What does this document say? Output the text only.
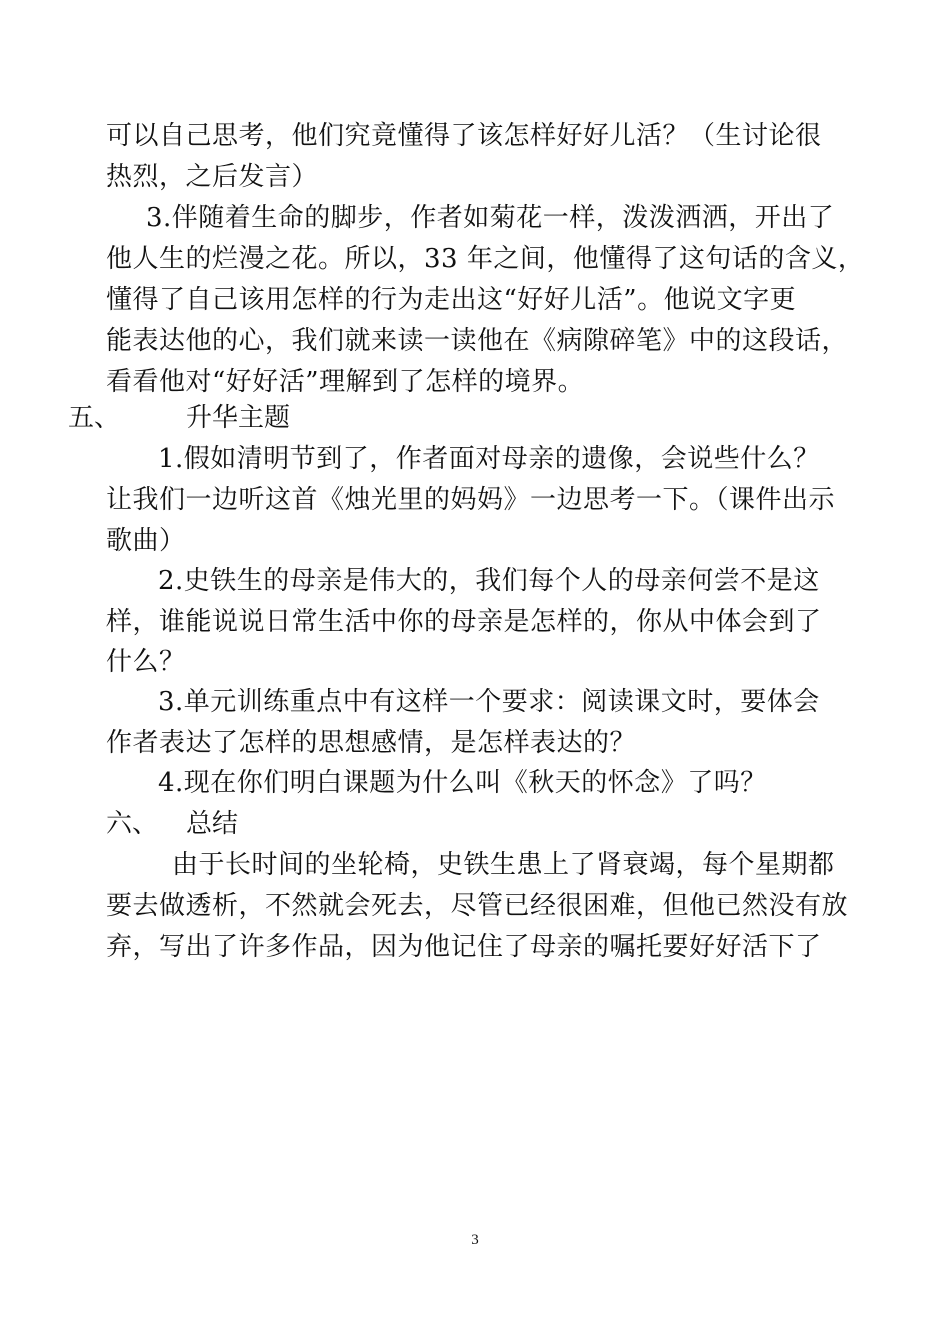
可以自己思考，他们究竟懂得了该怎样好好儿活？（生讨论很
热烈，之后发言）
3.伴随着生命的脚步，作者如菊花一样，泼泼洒洒，开出了
他人生的烂漫之花。所以，33 年之间，他懂得了这句话的含义，
懂得了自己该用怎样的行为走出这“好好儿活”。他说文字更
能表达他的心，我们就来读一读他在《病隙碎笔》中的这段话，
看看他对“好好活”理解到了怎样的境界。
五、	升华主题
1.假如清明节到了，作者面对母亲的遗像，会说些什么？
让我们一边听这首《烛光里的妈妈》一边思考一下。（课件出示
歌曲）
2.史铁生的母亲是伟大的，我们每个人的母亲何尝不是这
样，谁能说说日常生活中你的母亲是怎样的，你从中体会到了
什么？
3.单元训练重点中有这样一个要求：阅读课文时，要体会
作者表达了怎样的思想感情，是怎样表达的？
4.现在你们明白课题为什么叫《秋天的怀念》了吗？
六、 总结
由于长时间的坐轮椅，史铁生患上了肾衰竭，每个星期都
要去做透析，不然就会死去，尽管已经很困难，但他已然没有放
弃，写出了许多作品，因为他记住了母亲的嘱托要好好活下了
3
